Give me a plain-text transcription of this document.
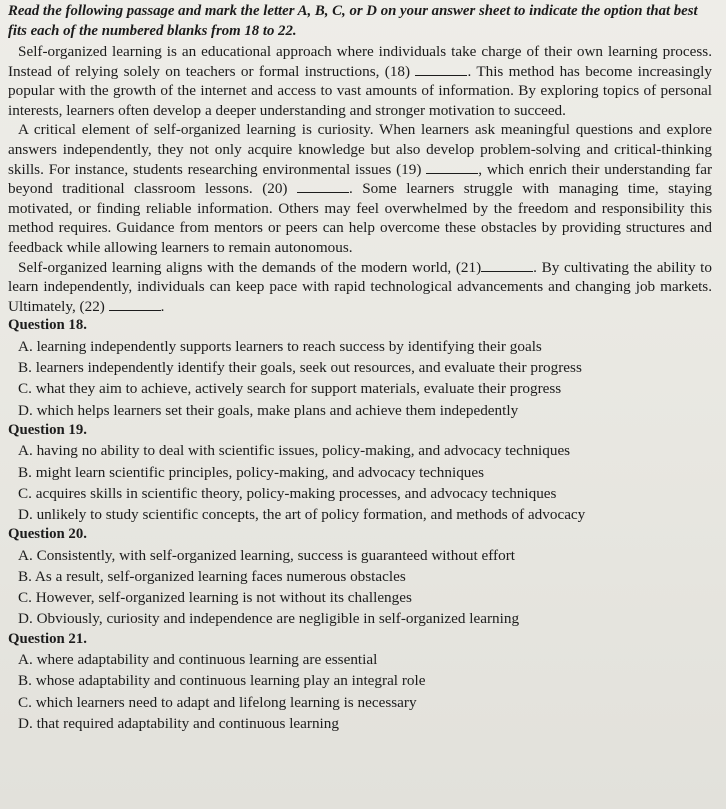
Read the following passage and mark the letter A, B, C, or D on your answer sheet to indicate the option that best fits each of the numbered blanks from 18 to 22.

Self-organized learning is an educational approach where individuals take charge of their own learning process. Instead of relying solely on teachers or formal instructions, (18)	. This method has become increasingly popular with the growth of the internet and access to vast amounts of information. By exploring topics of personal interests, learners often develop a deeper understanding and stronger motivation to succeed.

A critical element of self-organized learning is curiosity. When learners ask meaningful questions and explore answers independently, they not only acquire knowledge but also develop problem-solving and critical-thinking skills. For instance, students researching environmental issues (19)	, which enrich their understanding far beyond traditional classroom lessons. (20)	. Some learners struggle with managing time, staying motivated, or finding reliable information. Others may feel overwhelmed by the freedom and responsibility this method requires. Guidance from mentors or peers can help overcome these obstacles by providing structures and feedback while allowing learners to remain autonomous.

Self-organized learning aligns with the demands of the modern world, (21)	. By cultivating the ability to learn independently, individuals can keep pace with rapid technological advancements and changing job markets. Ultimately, (22)	.

Question 18.
A. learning independently supports learners to reach success by identifying their goals
B. learners independently identify their goals, seek out resources, and evaluate their progress
C. what they aim to achieve, actively search for support materials, evaluate their progress
D. which helps learners set their goals, make plans and achieve them indepedently
Question 19.
A. having no ability to deal with scientific issues, policy-making, and advocacy techniques
B. might learn scientific principles, policy-making, and advocacy techniques
C. acquires skills in scientific theory, policy-making processes, and advocacy techniques
D. unlikely to study scientific concepts, the art of policy formation, and methods of advocacy
Question 20.
A. Consistently, with self-organized learning, success is guaranteed without effort
B. As a result, self-organized learning faces numerous obstacles
C. However, self-organized learning is not without its challenges
D. Obviously, curiosity and independence are negligible in self-organized learning
Question 21.
A. where adaptability and continuous learning are essential
B. whose adaptability and continuous learning play an integral role
C. which learners need to adapt and lifelong learning is necessary
D. that required adaptability and continuous learning
